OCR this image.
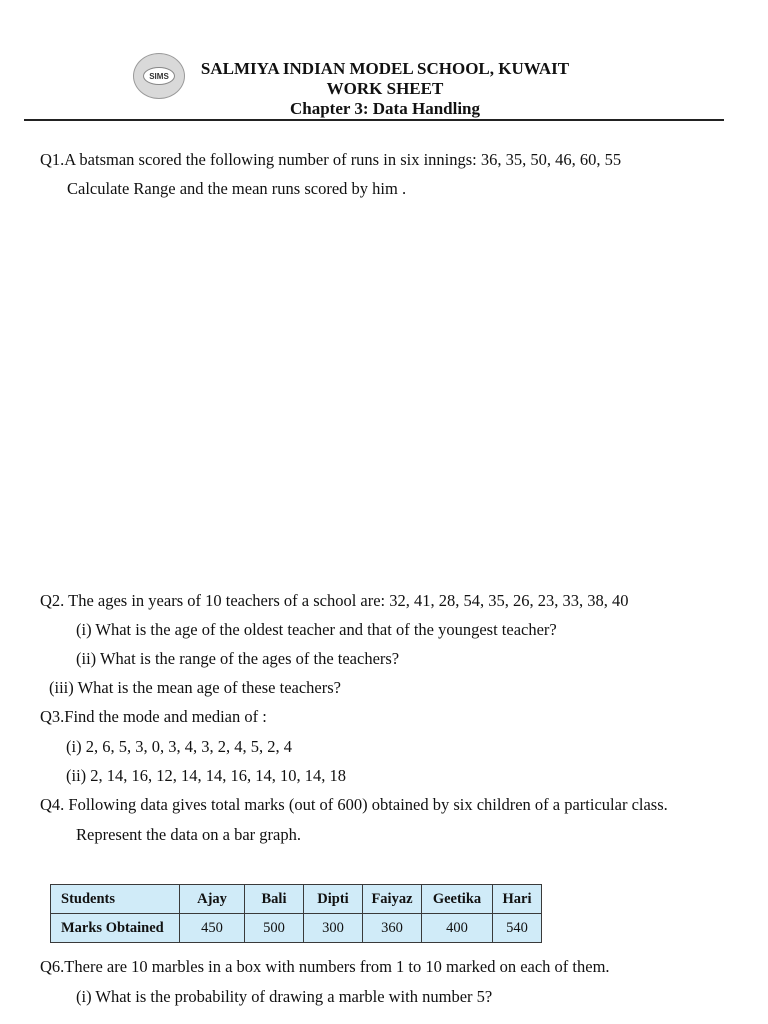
SIMS	SALMIYA INDIAN MODEL SCHOOL, KUWAIT
WORK SHEET
Chapter 3: Data Handling
Q1.A batsman scored the following number of runs in six innings: 36, 35, 50, 46, 60, 55
Calculate Range and the mean runs scored by him .
Q2. The ages in years of 10 teachers of a school are: 32, 41, 28, 54, 35, 26, 23, 33, 38, 40
(i) What is the age of the oldest teacher and that of the youngest teacher?
(ii) What is the range of the ages of the teachers?
(iii) What is the mean age of these teachers?
Q3.Find the mode and median of :
(i) 2, 6, 5, 3, 0, 3, 4, 3, 2, 4, 5, 2, 4
(ii) 2, 14, 16, 12, 14, 14, 16, 14, 10, 14, 18
Q4. Following data gives total marks (out of 600) obtained by six children of a particular class.
Represent the data on a bar graph.
Students	Ajay	Bali	Dipti	Faiyaz	Geetika	Hari
Marks Obtained	450	500	300	360	400	540
Q6.There are 10 marbles in a box with numbers from 1 to 10 marked on each of them.
(i) What is the probability of drawing a marble with number 5?
